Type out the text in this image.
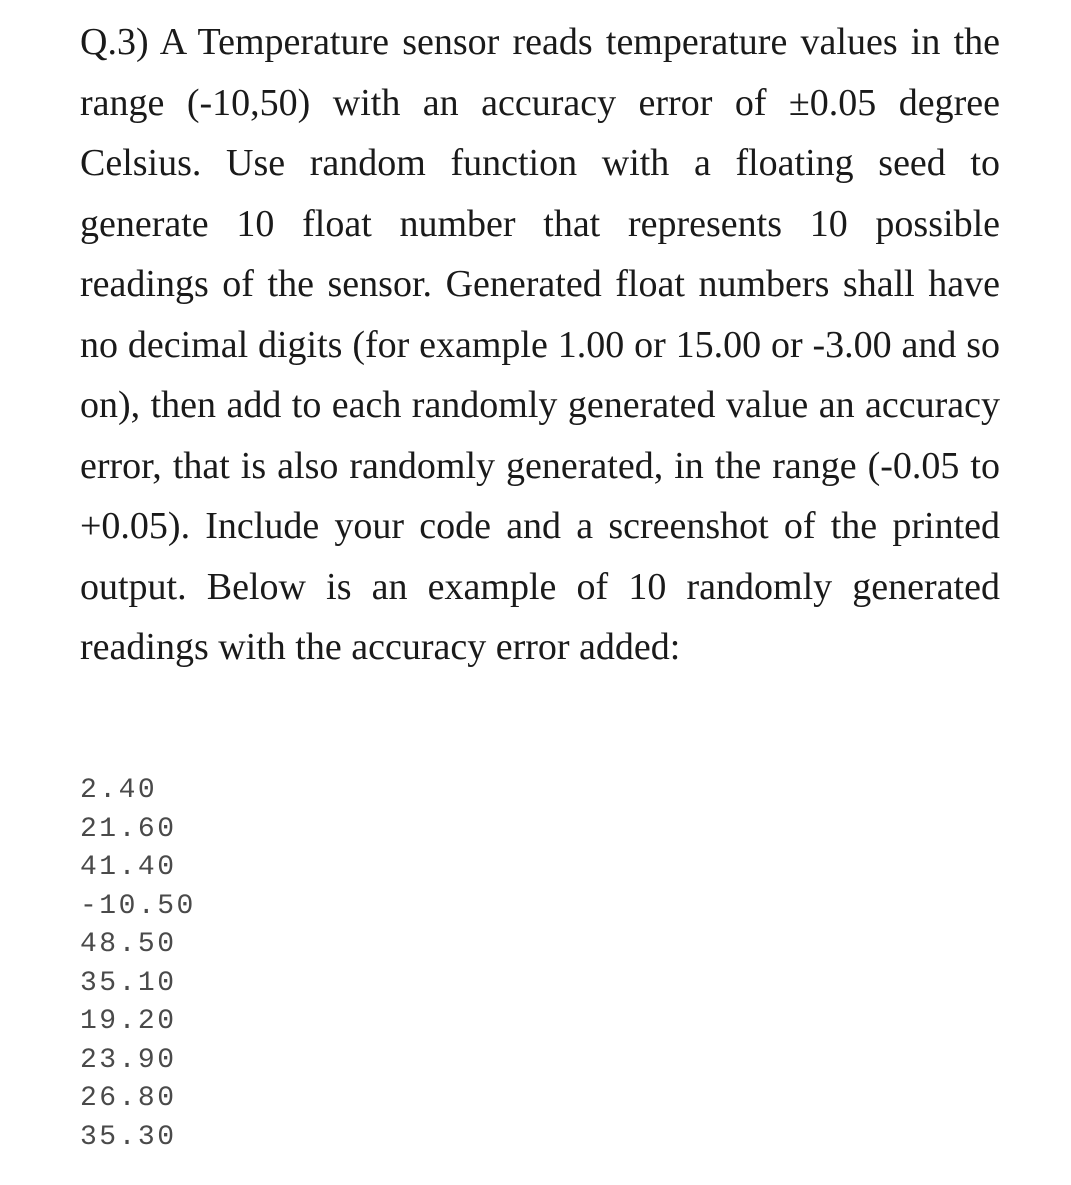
Q.3) A Temperature sensor reads temperature values in the range (-10,50) with an accuracy error of ±0.05 degree Celsius. Use random function with a floating seed to generate 10 float number that represents 10 possible readings of the sensor. Generated float numbers shall have no decimal digits (for example 1.00 or 15.00 or -3.00 and so on), then add to each randomly generated value an accuracy error, that is also randomly generated, in the range (-0.05 to +0.05). Include your code and a screenshot of the printed output. Below is an example of 10 randomly generated readings with the accuracy error added:

2.40
21.60
41.40
-10.50
48.50
35.10
19.20
23.90
26.80
35.30
